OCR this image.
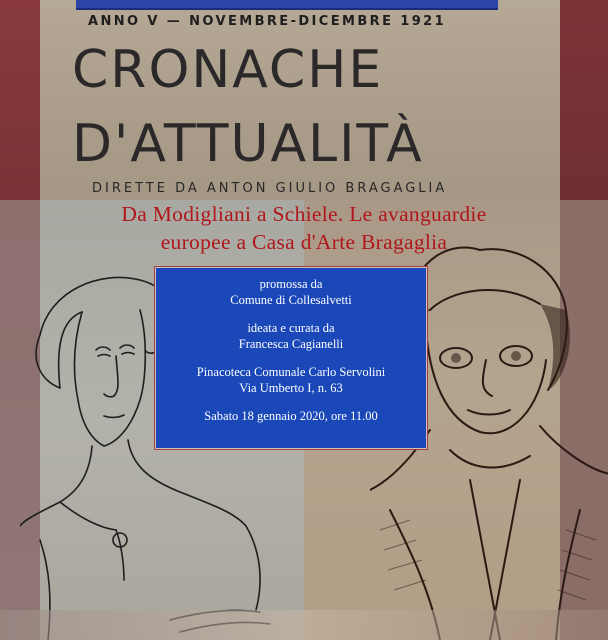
ANNO V — NOVEMBRE-DICEMBRE 1921
CRONACHE
D'ATTUALITÀ
DIRETTE DA ANTON GIULIO BRAGAGLIA
Da Modigliani a Schiele. Le avanguardie
europee a Casa d'Arte Bragaglia
promossa da
Comune di Collesalvetti
ideata e curata da
Francesca Cagianelli
Pinacoteca Comunale Carlo Servolini
Via Umberto I, n. 63
Sabato 18 gennaio 2020, ore 11.00
